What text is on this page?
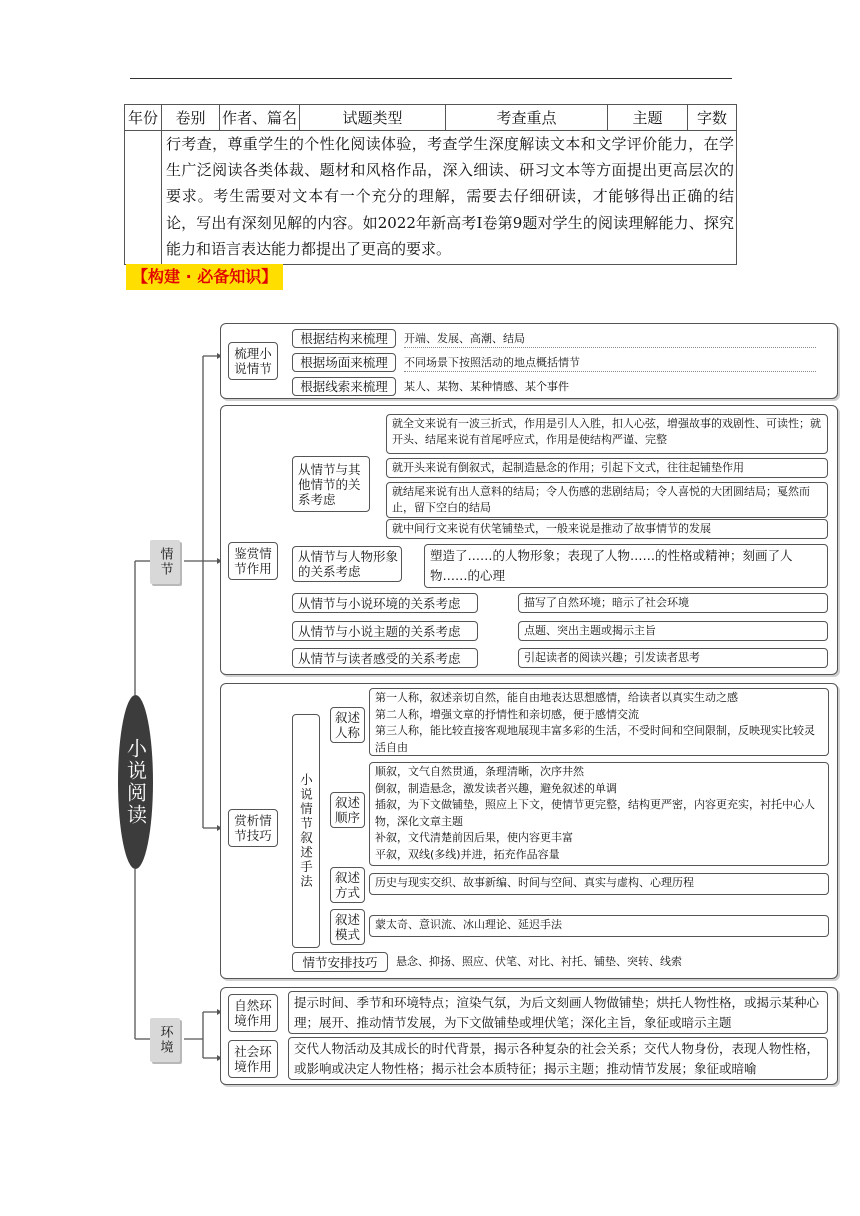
年份	卷别	作者、篇名	试题类型	考查重点	主题	字数
	行考查，尊重学生的个性化阅读体验，考查学生深度解读文本和文学评价能力，在学生广泛阅读各类体裁、题材和风格作品，深入细读、研习文本等方面提出更高层次的要求。考生需要对文本有一个充分的理解，需要去仔细研读，才能够得出正确的结论，写出有深刻见解的内容。如2022年新高考Ⅰ卷第9题对学生的阅读理解能力、探究能力和语言表达能力都提出了更高的要求。					
【构建 · 必备知识】
小说阅读
情节
环境
梳理小说情节
根据结构来梳理	开端、发展、高潮、结局
根据场面来梳理	不同场景下按照活动的地点概括情节
根据线索来梳理	某人、某物、某种情感、某个事件
鉴赏情节作用
从情节与其他情节的关系考虑
就全文来说有一波三折式，作用是引人入胜，扣人心弦，增强故事的戏剧性、可读性；就开头、结尾来说有首尾呼应式，作用是使结构严谨、完整
就开头来说有倒叙式，起制造悬念的作用；引起下文式，往往起铺垫作用
就结尾来说有出人意料的结局；令人伤感的悲剧结局；令人喜悦的大团圆结局；戛然而止，留下空白的结局
就中间行文来说有伏笔铺垫式，一般来说是推动了故事情节的发展
从情节与人物形象的关系考虑
塑造了……的人物形象；表现了人物……的性格或精神；刻画了人物……的心理
从情节与小说环境的关系考虑	描写了自然环境；暗示了社会环境
从情节与小说主题的关系考虑	点题、突出主题或揭示主旨
从情节与读者感受的关系考虑	引起读者的阅读兴趣；引发读者思考
赏析情节技巧	小说情节叙述手法
叙述人称
第一人称，叙述亲切自然，能自由地表达思想感情，给读者以真实生动之感
第二人称，增强文章的抒情性和亲切感，便于感情交流
第三人称，能比较直接客观地展现丰富多彩的生活，不受时间和空间限制，反映现实比较灵活自由
叙述顺序
顺叙，文气自然贯通，条理清晰，次序井然
倒叙，制造悬念，激发读者兴趣，避免叙述的单调
插叙，为下文做铺垫，照应上下文，使情节更完整，结构更严密，内容更充实，衬托中心人物，深化文章主题
补叙，文代清楚前因后果，使内容更丰富
平叙，双线(多线)并进，拓充作品容量
叙述方式
历史与现实交织、故事新编、时间与空间、真实与虚构、心理历程
叙述模式
蒙太奇、意识流、冰山理论、延迟手法
情节安排技巧	悬念、抑扬、照应、伏笔、对比、衬托、铺垫、突转、线索
自然环境作用
提示时间、季节和环境特点；渲染气氛，为后文刻画人物做铺垫；烘托人物性格，或揭示某种心理；展开、推动情节发展，为下文做铺垫或埋伏笔；深化主旨，象征或暗示主题
社会环境作用
交代人物活动及其成长的时代背景，揭示各种复杂的社会关系；交代人物身份，表现人物性格，或影响或决定人物性格；揭示社会本质特征；揭示主题；推动情节发展；象征或暗喻
